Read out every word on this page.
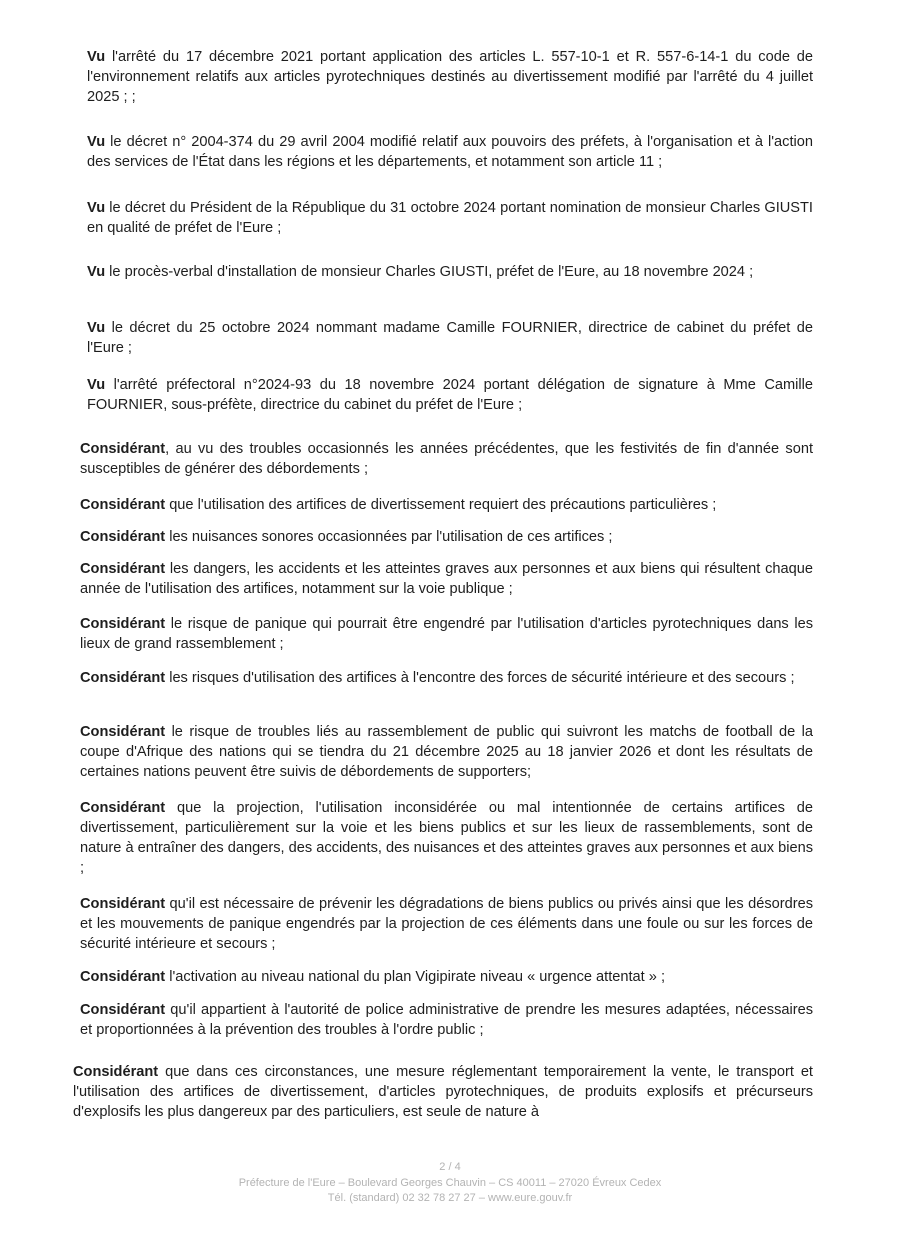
Vu l'arrêté du 17 décembre 2021 portant application des articles L. 557-10-1 et R. 557-6-14-1 du code de l'environnement relatifs aux articles pyrotechniques destinés au divertissement modifié par l'arrêté du 4 juillet 2025 ; ;

Vu le décret n° 2004-374 du 29 avril 2004 modifié relatif aux pouvoirs des préfets, à l'organisation et à l'action des services de l'État dans les régions et les départements, et notamment son article 11 ;

Vu le décret du Président de la République du 31 octobre 2024 portant nomination de monsieur Charles GIUSTI en qualité de préfet de l'Eure ;

Vu le procès-verbal d'installation de monsieur Charles GIUSTI, préfet de l'Eure, au 18 novembre 2024 ;

Vu le décret du 25 octobre 2024 nommant madame Camille FOURNIER, directrice de cabinet du préfet de l'Eure ;

Vu l'arrêté préfectoral n°2024-93 du 18 novembre 2024 portant délégation de signature à Mme Camille FOURNIER, sous-préfète, directrice du cabinet du préfet de l'Eure ;

Considérant, au vu des troubles occasionnés les années précédentes, que les festivités de fin d'année sont susceptibles de générer des débordements ;

Considérant que l'utilisation des artifices de divertissement requiert des précautions particulières ;

Considérant les nuisances sonores occasionnées par l'utilisation de ces artifices ;

Considérant les dangers, les accidents et les atteintes graves aux personnes et aux biens qui résultent chaque année de l'utilisation des artifices, notamment sur la voie publique ;

Considérant le risque de panique qui pourrait être engendré par l'utilisation d'articles pyrotechniques dans les lieux de grand rassemblement ;

Considérant les risques d'utilisation des artifices à l'encontre des forces de sécurité intérieure et des secours ;

Considérant le risque de troubles liés au rassemblement de public qui suivront les matchs de football de la coupe d'Afrique des nations qui se tiendra du 21 décembre 2025 au 18 janvier 2026 et dont les résultats de certaines nations peuvent être suivis de débordements de supporters;

Considérant que la projection, l'utilisation inconsidérée ou mal intentionnée de certains artifices de divertissement, particulièrement sur la voie et les biens publics et sur les lieux de rassemblements, sont de nature à entraîner des dangers, des accidents, des nuisances et des atteintes graves aux personnes et aux biens ;

Considérant qu'il est nécessaire de prévenir les dégradations de biens publics ou privés ainsi que les désordres et les mouvements de panique engendrés par la projection de ces éléments dans une foule ou sur les forces de sécurité intérieure et secours ;

Considérant l'activation au niveau national du plan Vigipirate niveau « urgence attentat » ;

Considérant qu'il appartient à l'autorité de police administrative de prendre les mesures adaptées, nécessaires et proportionnées à la prévention des troubles à l'ordre public ;

Considérant que dans ces circonstances, une mesure réglementant temporairement la vente, le transport et l'utilisation des artifices de divertissement, d'articles pyrotechniques, de produits explosifs et précurseurs d'explosifs les plus dangereux par des particuliers, est seule de nature à

2 / 4
Préfecture de l'Eure – Boulevard Georges Chauvin – CS 40011 – 27020 Évreux Cedex
Tél. (standard) 02 32 78 27 27 – www.eure.gouv.fr
